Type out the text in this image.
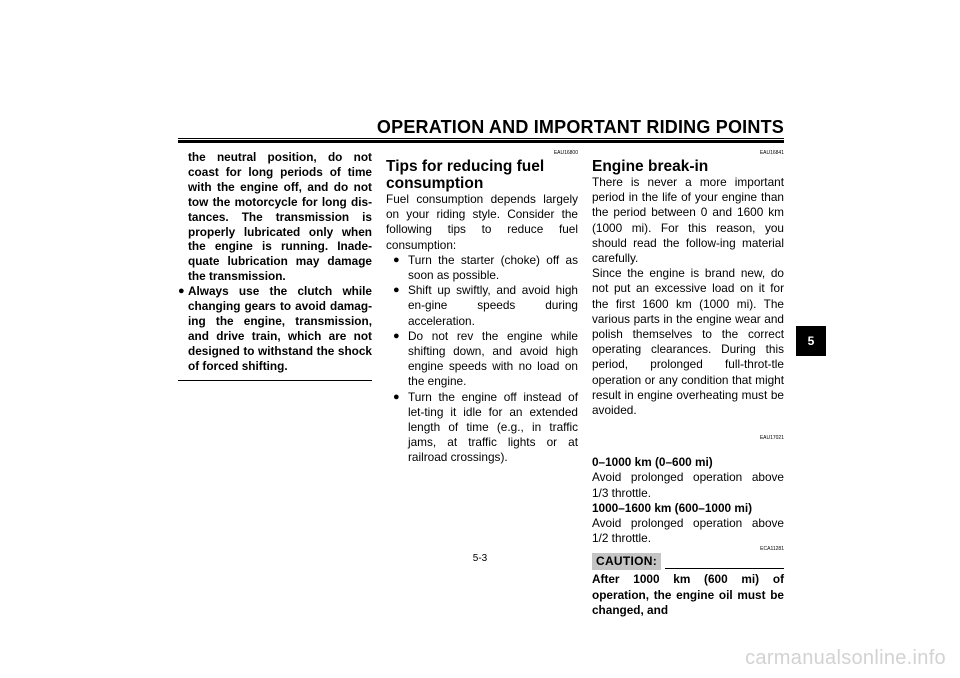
OPERATION AND IMPORTANT RIDING POINTS

the neutral position, do not coast for long periods of time with the engine off, and do not tow the motorcycle for long dis-tances. The transmission is properly lubricated only when the engine is running. Inade-quate lubrication may damage the transmission.

● Always use the clutch while changing gears to avoid damag-ing the engine, transmission, and drive train, which are not designed to withstand the shock of forced shifting.
EAU16800
Tips for reducing fuel
consumption

Fuel consumption depends largely on your riding style. Consider the following tips to reduce fuel consumption:

● Turn the starter (choke) off as soon as possible.
● Shift up swiftly, and avoid high en-gine speeds during acceleration.
● Do not rev the engine while shifting down, and avoid high engine speeds with no load on the engine.
● Turn the engine off instead of let-ting it idle for an extended length of time (e.g., in traffic jams, at traffic lights or at railroad crossings).
EAU16841
Engine break-in

There is never a more important period in the life of your engine than the period between 0 and 1600 km (1000 mi). For this reason, you should read the follow-ing material carefully.

Since the engine is brand new, do not put an excessive load on it for the first 1600 km (1000 mi). The various parts in the engine wear and polish themselves to the correct operating clearances. During this period, prolonged full-throt-tle operation or any condition that might result in engine overheating must be avoided.

EAU17021

0–1000 km (0–600 mi)

Avoid prolonged operation above 1/3 throttle.

1000–1600 km (600–1000 mi)

Avoid prolonged operation above 1/2 throttle.

ECA11281
CAUTION:

After 1000 km (600 mi) of operation, the engine oil must be changed, and

5
5-3
carmanualsonline.info
